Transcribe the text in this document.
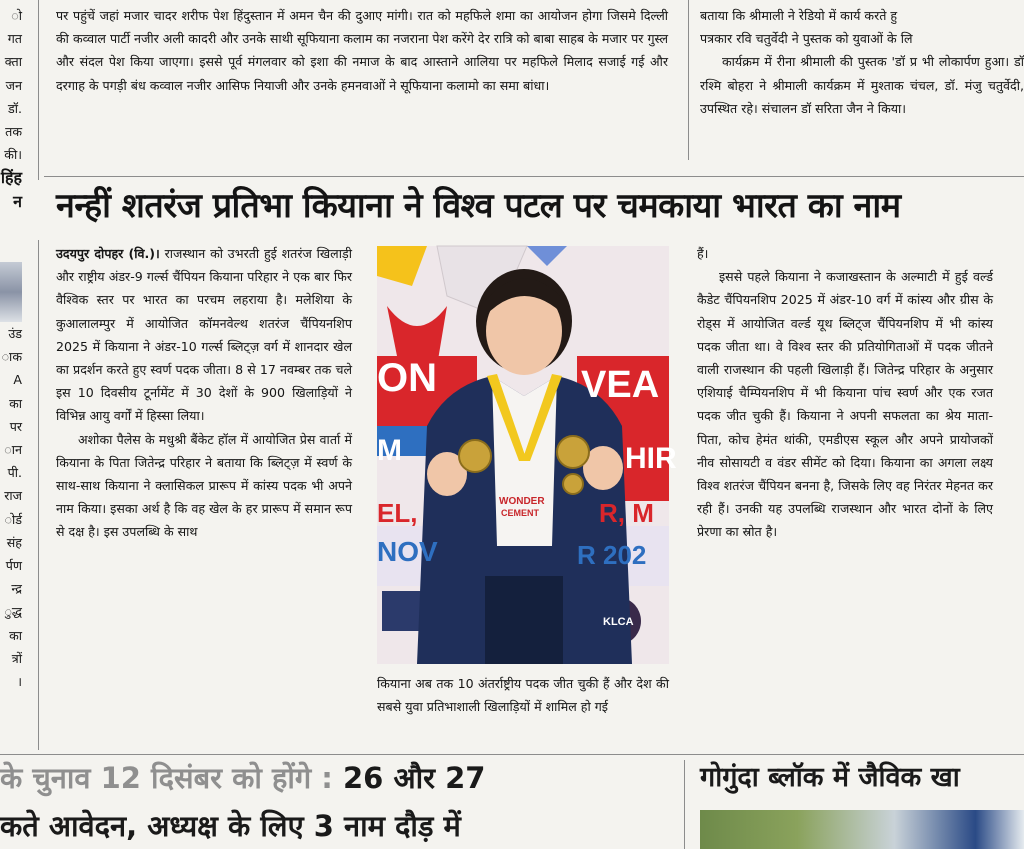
ो
गत
क्ता
जन
डॉ.
तक
की।
हिंह
न
उंड
ाक
A
का
पर
ान
पी.
राज
ोर्ड
संह
र्पण
न्द्र
ुद्ध
का
त्रों
।

पर पहुंचें जहां मजार चादर शरीफ पेश हिंदुस्तान में अमन चैन की दुआए मांगी। रात को महफिले शमा का आयोजन होगा जिसमे दिल्ली की कव्वाल पार्टी नजीर अली कादरी और उनके साथी सूफियाना कलाम का नजराना पेश करेंगे देर रात्रि को बाबा साहब के मजार पर गुस्ल और संदल पेश किया जाएगा। इससे पूर्व मंगलवार को इशा की नमाज के बाद आस्ताने आलिया पर महफिले मिलाद सजाई गई और दरगाह के पगड़ी बंध कव्वाल नजीर आसिफ नियाजी और उनके हमनवाओं ने सूफियाना कलामो का समा बांधा।

बताया कि श्रीमाली ने रेडियो में कार्य करते हु
पत्रकार रवि चतुर्वेदी ने पुस्तक को युवाओं के लि

कार्यक्रम में रीना श्रीमाली की पुस्तक 'डॉ प्र भी लोकार्पण हुआ। डॉ रश्मि बोहरा ने श्रीमाली कार्यक्रम में मुश्ताक चंचल, डॉ. मंजु चतुर्वेदी, उपस्थित रहे। संचालन डॉ सरिता जैन ने किया।

नन्हीं शतरंज प्रतिभा कियाना ने विश्व पटल पर चमकाया भारत का नाम

उदयपुर दोपहर (वि.)। राजस्थान को उभरती हुई शतरंज खिलाड़ी और राष्ट्रीय अंडर-9 गर्ल्स चैंपियन कियाना परिहार ने एक बार फिर वैश्विक स्तर पर भारत का परचम लहराया है। मलेशिया के कुआलालम्पुर में आयोजित कॉमनवेल्थ शतरंज चैंपियनशिप 2025 में कियाना ने अंडर-10 गर्ल्स ब्लिट्ज़ वर्ग में शानदार खेल का प्रदर्शन करते हुए स्वर्ण पदक जीता। 8 से 17 नवम्बर तक चले इस 10 दिवसीय टूर्नामेंट में 30 देशों के 900 खिलाड़ियों ने विभिन्न आयु वर्गों में हिस्सा लिया।

अशोका पैलेस के मधुश्री बैंकेट हॉल में आयोजित प्रेस वार्ता में कियाना के पिता जितेन्द्र परिहार ने बताया कि ब्लिट्ज़ में स्वर्ण के साथ-साथ कियाना ने क्लासिकल प्रारूप में कांस्य पदक भी अपने नाम किया। इसका अर्थ है कि वह खेल के हर प्रारूप में समान रूप से दक्ष है। इस उपलब्धि के साथ

ON	VEA
M	HIR
EL,	R, M
NOV	R 202
KLCA
WONDER
CEMENT

कियाना अब तक 10 अंतर्राष्ट्रीय पदक जीत चुकी हैं और देश की सबसे युवा प्रतिभाशाली खिलाड़ियों में शामिल हो गई

हैं।

इससे पहले कियाना ने कजाखस्तान के अल्माटी में हुई वर्ल्ड कैडेट चैंपियनशिप 2025 में अंडर-10 वर्ग में कांस्य और ग्रीस के रोड्स में आयोजित वर्ल्ड यूथ ब्लिट्ज चैंपियनशिप में भी कांस्य पदक जीता था। वे विश्व स्तर की प्रतियोगिताओं में पदक जीतने वाली राजस्थान की पहली खिलाड़ी हैं। जितेन्द्र परिहार के अनुसार एशियाई चैम्पियनशिप में भी कियाना पांच स्वर्ण और एक रजत पदक जीत चुकी हैं। कियाना ने अपनी सफलता का श्रेय माता-पिता, कोच हेमंत थांकी, एमडीएस स्कूल और अपने प्रायोजकों नीव सोसायटी व वंडर सीमेंट को दिया। कियाना का अगला लक्ष्य विश्व शतरंज चैंपियन बनना है, जिसके लिए वह निरंतर मेहनत कर रही हैं। उनकी यह उपलब्धि राजस्थान और भारत दोनों के लिए प्रेरणा का स्रोत है।

के चुनाव 12 दिसंबर को होंगे : 26 और 27
कते आवेदन, अध्यक्ष के लिए 3 नाम दौड़ में
गोगुंदा ब्लॉक में जैविक खा
